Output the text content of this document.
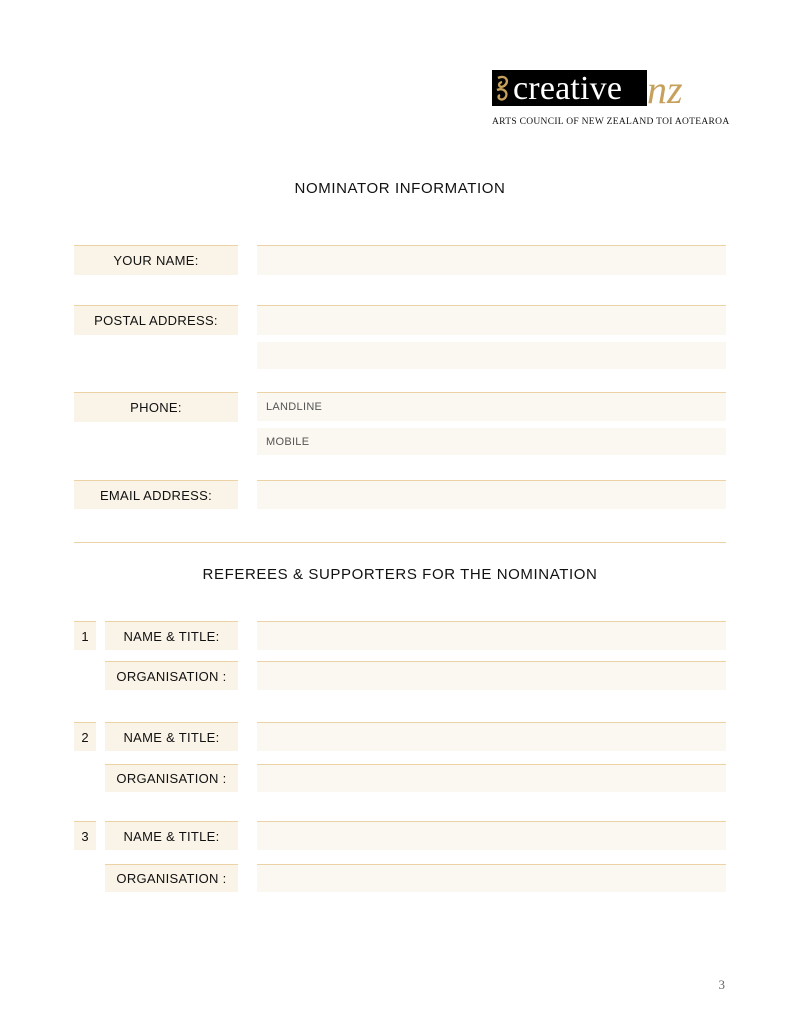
creative nz
ARTS COUNCIL OF NEW ZEALAND TOI AOTEAROA
NOMINATOR INFORMATION
YOUR NAME:
POSTAL ADDRESS:
PHONE:	LANDLINE
MOBILE
EMAIL ADDRESS:
REFEREES & SUPPORTERS FOR THE NOMINATION
1	NAME & TITLE:
ORGANISATION :
2	NAME & TITLE:
ORGANISATION :
3	NAME & TITLE:
ORGANISATION :
3
